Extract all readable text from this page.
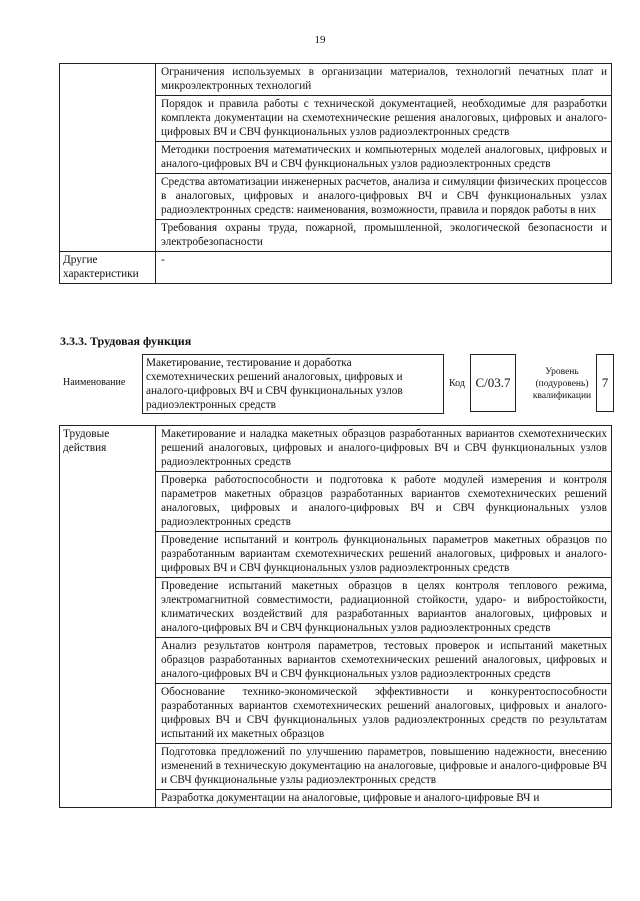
19
	Ограничения используемых в организации материалов, технологий печатных плат и микроэлектронных технологий
	Порядок и правила работы с технической документацией, необходимые для разработки комплекта документации на схемотехнические решения аналоговых, цифровых и аналого-цифровых ВЧ и СВЧ функциональных узлов радиоэлектронных средств
	Методики построения математических и компьютерных моделей аналоговых, цифровых и аналого-цифровых ВЧ и СВЧ функциональных узлов радиоэлектронных средств
	Средства автоматизации инженерных расчетов, анализа и симуляции физических процессов в аналоговых, цифровых и аналого-цифровых ВЧ и СВЧ функциональных узлах радиоэлектронных средств: наименования, возможности, правила и порядок работы в них
	Требования охраны труда, пожарной, промышленной, экологической безопасности и электробезопасности
Другие характеристики	-
3.3.3. Трудовая функция
Наименование
Макетирование, тестирование и доработка схемотехнических решений аналоговых, цифровых и аналого-цифровых ВЧ и СВЧ функциональных узлов радиоэлектронных средств
Код C/03.7
Уровень (подуровень) квалификации
7
Трудовые действия	Макетирование и наладка макетных образцов разработанных вариантов схемотехнических решений аналоговых, цифровых и аналого-цифровых ВЧ и СВЧ функциональных узлов радиоэлектронных средств
Проверка работоспособности и подготовка к работе модулей измерения и контроля параметров макетных образцов разработанных вариантов схемотехнических решений аналоговых, цифровых и аналого-цифровых ВЧ и СВЧ функциональных узлов радиоэлектронных средств
Проведение испытаний и контроль функциональных параметров макетных образцов по разработанным вариантам схемотехнических решений аналоговых, цифровых и аналого-цифровых ВЧ и СВЧ функциональных узлов радиоэлектронных средств
Проведение испытаний макетных образцов в целях контроля теплового режима, электромагнитной совместимости, радиационной стойкости, ударо- и вибростойкости, климатических воздействий для разработанных вариантов аналоговых, цифровых и аналого-цифровых ВЧ и СВЧ функциональных узлов радиоэлектронных средств
Анализ результатов контроля параметров, тестовых проверок и испытаний макетных образцов разработанных вариантов схемотехнических решений аналоговых, цифровых и аналого-цифровых ВЧ и СВЧ функциональных узлов радиоэлектронных средств
Обоснование технико-экономической эффективности и конкурентоспособности разработанных вариантов схемотехнических решений аналоговых, цифровых и аналого-цифровых ВЧ и СВЧ функциональных узлов радиоэлектронных средств по результатам испытаний их макетных образцов
Подготовка предложений по улучшению параметров, повышению надежности, внесению изменений в техническую документацию на аналоговые, цифровые и аналого-цифровые ВЧ и СВЧ функциональные узлы радиоэлектронных средств
Разработка документации на аналоговые, цифровые и аналого-цифровые ВЧ и
